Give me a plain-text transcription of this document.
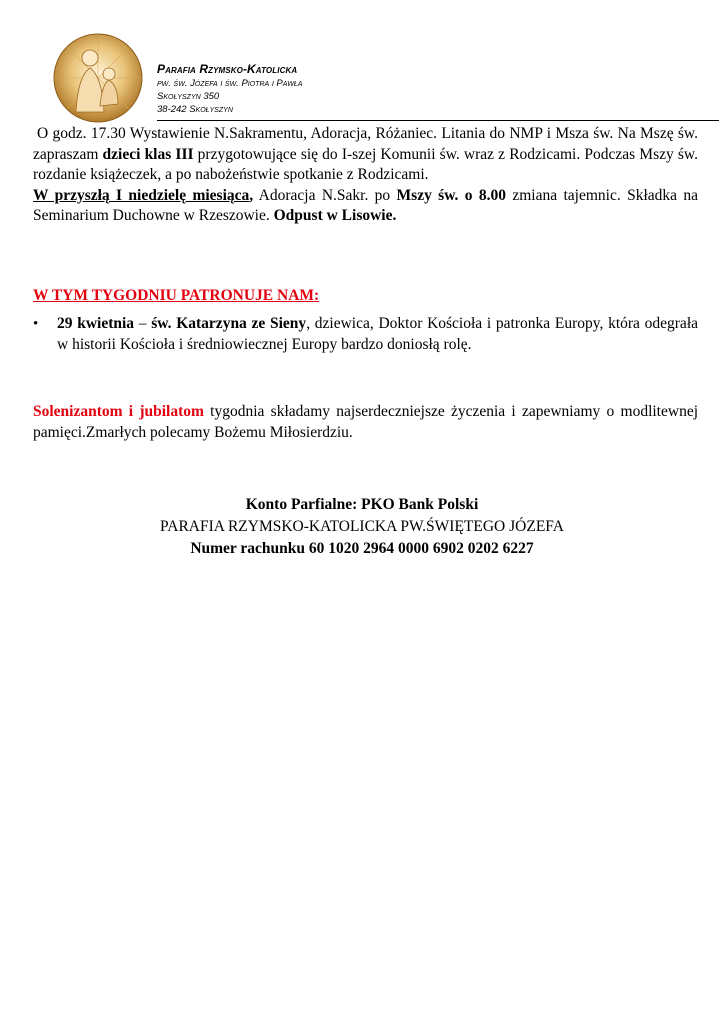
Parafia Rzymsko-Katolicka
pw. św. Józefa i św. Piotra i Pawła
Skołyszyn 350
38-242 Skołyszyn
O godz. 17.30 Wystawienie N.Sakramentu, Adoracja, Różaniec. Litania do NMP i Msza św. Na Mszę św. zapraszam dzieci klas III przygotowujące się do I-szej Komunii św. wraz z Rodzicami. Podczas Mszy św. rozdanie książeczek, a po nabożeństwie spotkanie z Rodzicami.
W przyszłą I niedzielę miesiąca, Adoracja N.Sakr. po Mszy św. o 8.00 zmiana tajemnic. Składka na Seminarium Duchowne w Rzeszowie. Odpust w Lisowie.
W TYM TYGODNIU PATRONUJE NAM:
• 29 kwietnia – św. Katarzyna ze Sieny, dziewica, Doktor Kościoła i patronka Europy, która odegrała w historii Kościoła i średniowiecznej Europy bardzo doniosłą rolę.
Solenizantom i jubilatom tygodnia składamy najserdeczniejsze życzenia i zapewniamy o modlitewnej pamięci.Zmarłych polecamy Bożemu Miłosierdziu.
Konto Parfialne: PKO Bank Polski
PARAFIA RZYMSKO-KATOLICKA PW.ŚWIĘTEGO JÓZEFA
Numer rachunku 60 1020 2964 0000 6902 0202 6227
